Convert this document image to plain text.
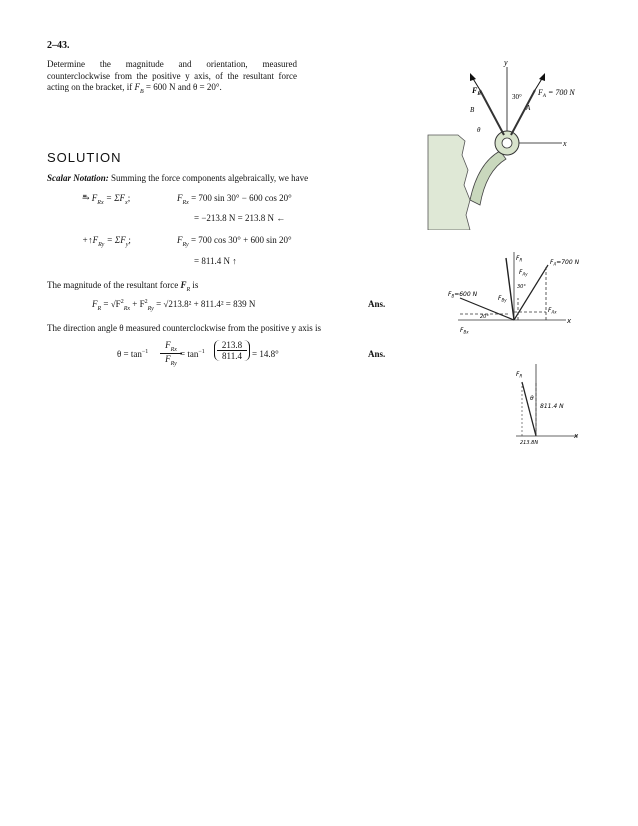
2–43.
Determine the magnitude and orientation, measured counterclockwise from the positive y axis, of the resultant force acting on the bracket, if $F_B = 600$ N and θ = 20°.
y
x
$F_B$	$F_A = 700$ N
30°
A
B
θ
SOLUTION
Scalar Notation: Summing the force components algebraically, we have
⥱ $F_{Rx} = \Sigma F_x$;	$F_{Rx} = 700$ sin 30° − 600 cos 20°
= −213.8 N = 213.8 N ←
$+↑F_{Ry} = \Sigma F_y$;	$F_{Ry} = 700$ cos 30° + 600 sin 20°
= 811.4 N ↑
The magnitude of the resultant force $F_R$ is
$F_R = √F^2_{Rx} + F^2_{Ry} = √213.8^2 + 811.4^2 = 839$ N	Ans.
The direction angle θ measured counterclockwise from the positive y axis is
$\theta = \tan^{-1}$
$F_{Rx}$
$F_{Ry}$
= $\tan^{-1}$
213.8
811.4	= 14.8°	Ans.
$F_B=600$ N
$F_A=700$ N
$F_R$
$F_{By}$
$F_{Ay}$
$F_{Ax}$
$F_{Bx}$
30°
20°	x
$F_R$
θ
811.4 N
213.8N
x
